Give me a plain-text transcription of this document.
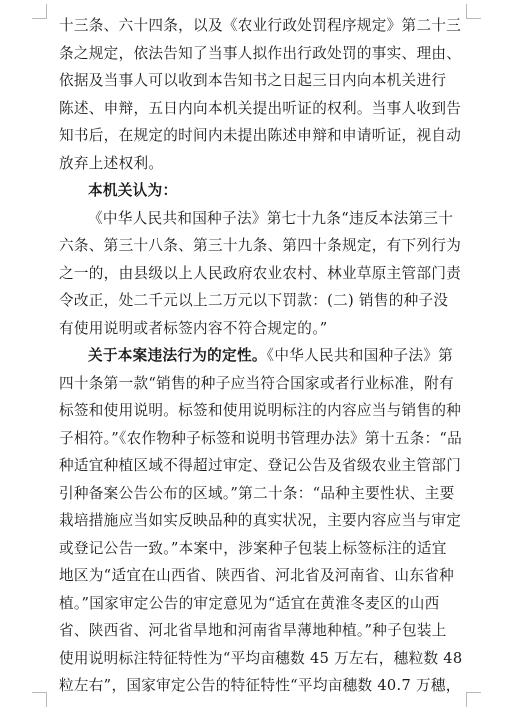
十三条、六十四条，以及《农业行政处罚程序规定》第二十三
条之规定，依法告知了当事人拟作出行政处罚的事实、理由、
依据及当事人可以收到本告知书之日起三日内向本机关进行
陈述、申辩，五日内向本机关提出听证的权利。当事人收到告
知书后，在规定的时间内未提出陈述申辩和申请听证，视自动
放弃上述权利。
本机关认为：
《中华人民共和国种子法》第七十九条“违反本法第三十
六条、第三十八条、第三十九条、第四十条规定，有下列行为
之一的，由县级以上人民政府农业农村、林业草原主管部门责
令改正，处二千元以上二万元以下罚款：(二) 销售的种子没
有使用说明或者标签内容不符合规定的。”
关于本案违法行为的定性。《中华人民共和国种子法》第
四十条第一款“销售的种子应当符合国家或者行业标准，附有
标签和使用说明。标签和使用说明标注的内容应当与销售的种
子相符。”《农作物种子标签和说明书管理办法》第十五条：“品
种适宜种植区域不得超过审定、登记公告及省级农业主管部门
引种备案公告公布的区域。”第二十条：“品种主要性状、主要
栽培措施应当如实反映品种的真实状况，主要内容应当与审定
或登记公告一致。”本案中，涉案种子包装上标签标注的适宜
地区为“适宜在山西省、陕西省、河北省及河南省、山东省种
植。”国家审定公告的审定意见为“适宜在黄淮冬麦区的山西
省、陕西省、河北省旱地和河南省旱薄地种植。”种子包装上
使用说明标注特征特性为“平均亩穗数 45 万左右，穗粒数 48
粒左右”，国家审定公告的特征特性“平均亩穗数 40.7 万穗，
